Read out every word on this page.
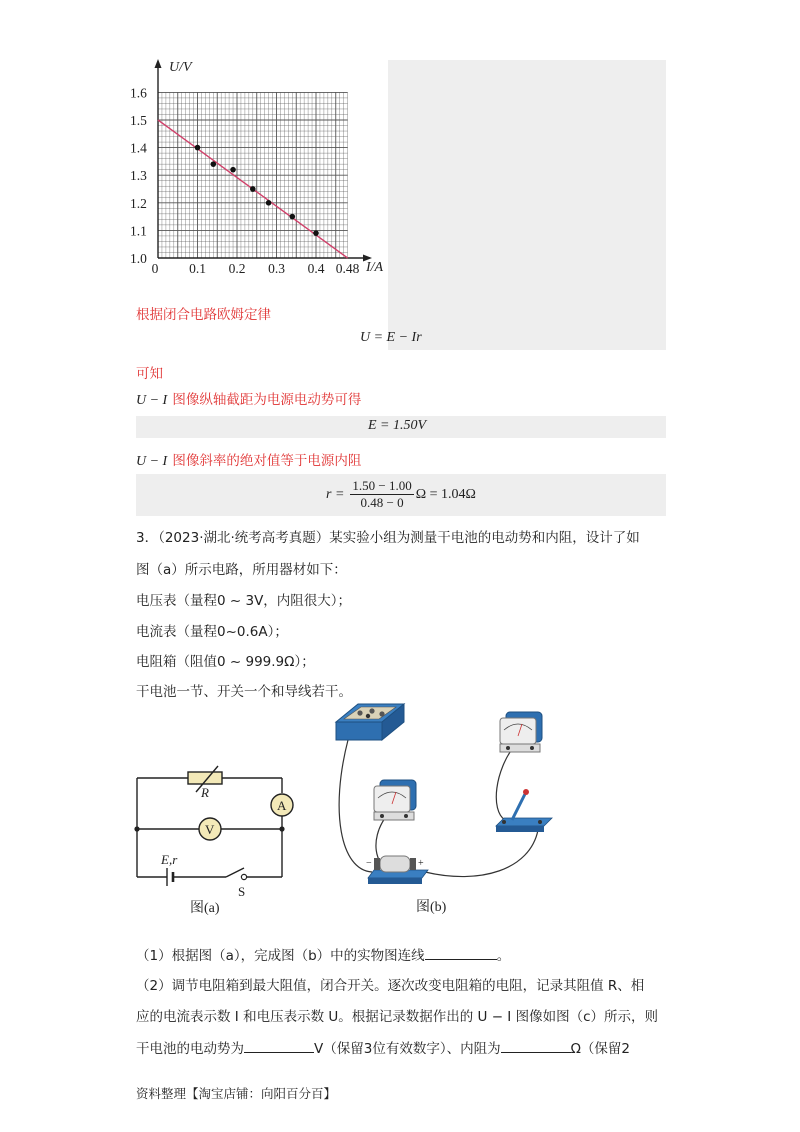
1.0
1.1
1.2
1.3
1.4
1.5
1.6
0 0.1 0.2 0.3 0.4 0.48
U/V
I/A
根据闭合电路欧姆定律
U = E − Ir
可知
U − I 图像纵轴截距为电源电动势可得
E = 1.50V
U − I 图像斜率的绝对值等于电源内阻
r =
1.50 − 1.00
0.48 − 0
Ω = 1.04Ω
3．（2023·湖北·统考高考真题）某实验小组为测量干电池的电动势和内阻，设计了如
图（a）所示电路，所用器材如下：
电压表（量程0 ~ 3V，内阻很大）；
电流表（量程0~0.6A）；
电阻箱（阻值0 ~ 999.9Ω）；
干电池一节、开关一个和导线若干。
R
A
V
E,r
S
图(a)
−	+
图(b)
（1）根据图（a），完成图（b）中的实物图连线	。
（2）调节电阻箱到最大阻值，闭合开关。逐次改变电阻箱的电阻，记录其阻值 R、相
应的电流表示数 I 和电压表示数 U。根据记录数据作出的 U − I 图像如图（c）所示，则
干电池的电动势为	V（保留3位有效数字）、内阻为	Ω（保留2
资料整理【淘宝店铺：向阳百分百】
